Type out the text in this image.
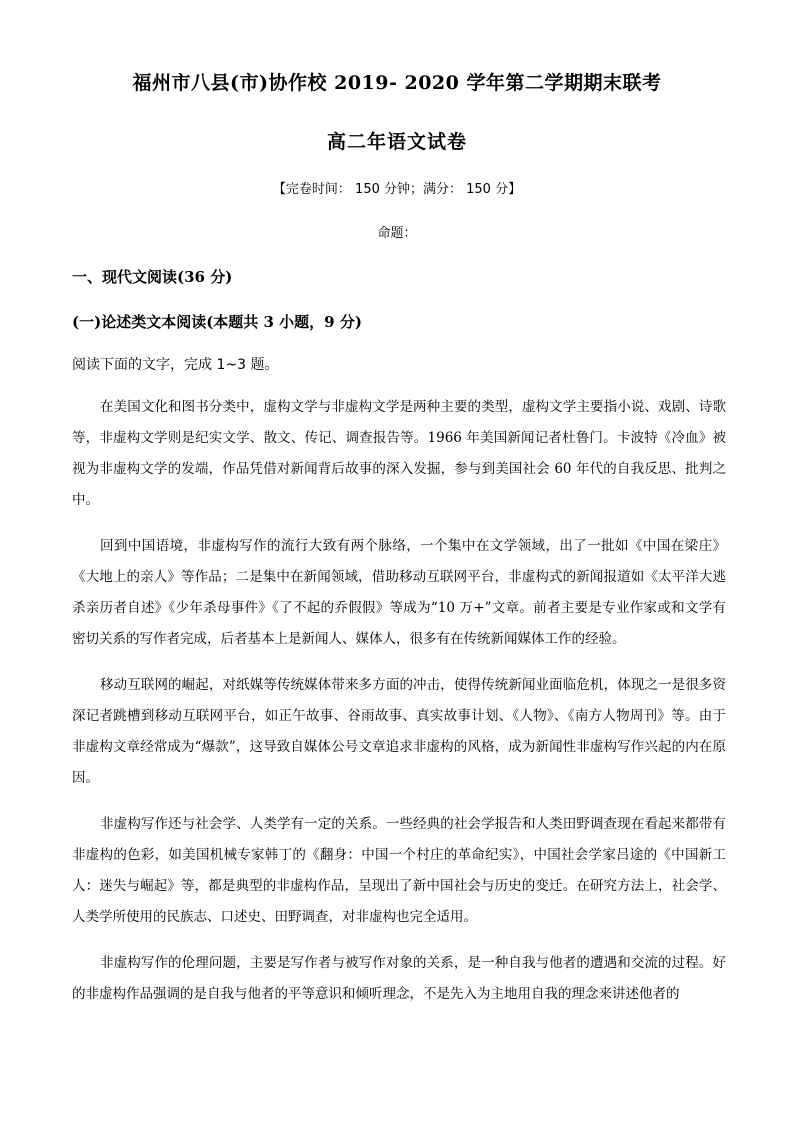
福州市八县(市)协作校 2019- 2020 学年第二学期期末联考
高二年语文试卷
【完卷时间： 150 分钟；满分： 150 分】
命题：
一、现代文阅读(36 分)
(一)论述类文本阅读(本题共 3 小题，9 分)
阅读下面的文字，完成 1~3 题。

在美国文化和图书分类中，虚构文学与非虚构文学是两种主要的类型，虚构文学主要指小说、戏剧、诗歌等，非虚构文学则是纪实文学、散文、传记、调查报告等。1966 年美国新闻记者杜鲁门。卡波特《冷血》被视为非虚构文学的发端，作品凭借对新闻背后故事的深入发掘，参与到美国社会 60 年代的自我反思、批判之中。

回到中国语境，非虚构写作的流行大致有两个脉络，一个集中在文学领域，出了一批如《中国在梁庄》《大地上的亲人》等作品；二是集中在新闻领域，借助移动互联网平台，非虚构式的新闻报道如《太平洋大逃杀亲历者自述》《少年杀母事件》《了不起的乔假假》等成为“10 万+”文章。前者主要是专业作家或和文学有密切关系的写作者完成，后者基本上是新闻人、媒体人，很多有在传统新闻媒体工作的经验。

移动互联网的崛起，对纸媒等传统媒体带来多方面的冲击，使得传统新闻业面临危机，体现之一是很多资深记者跳槽到移动互联网平台，如正午故事、谷雨故事、真实故事计划、《人物》、《南方人物周刊》等。由于非虚构文章经常成为“爆款”，这导致自媒体公号文章追求非虚构的风格，成为新闻性非虚构写作兴起的内在原因。

非虚构写作还与社会学、人类学有一定的关系。一些经典的社会学报告和人类田野调查现在看起来都带有非虚构的色彩，如美国机械专家韩丁的《翻身：中国一个村庄的革命纪实》，中国社会学家吕途的《中国新工人：迷失与崛起》等，都是典型的非虚构作品，呈现出了新中国社会与历史的变迁。在研究方法上，社会学、人类学所使用的民族志、口述史、田野调查，对非虚构也完全适用。

非虚构写作的伦理问题，主要是写作者与被写作对象的关系，是一种自我与他者的遭遇和交流的过程。好的非虚构作品强调的是自我与他者的平等意识和倾听理念，不是先入为主地用自我的理念来讲述他者的
